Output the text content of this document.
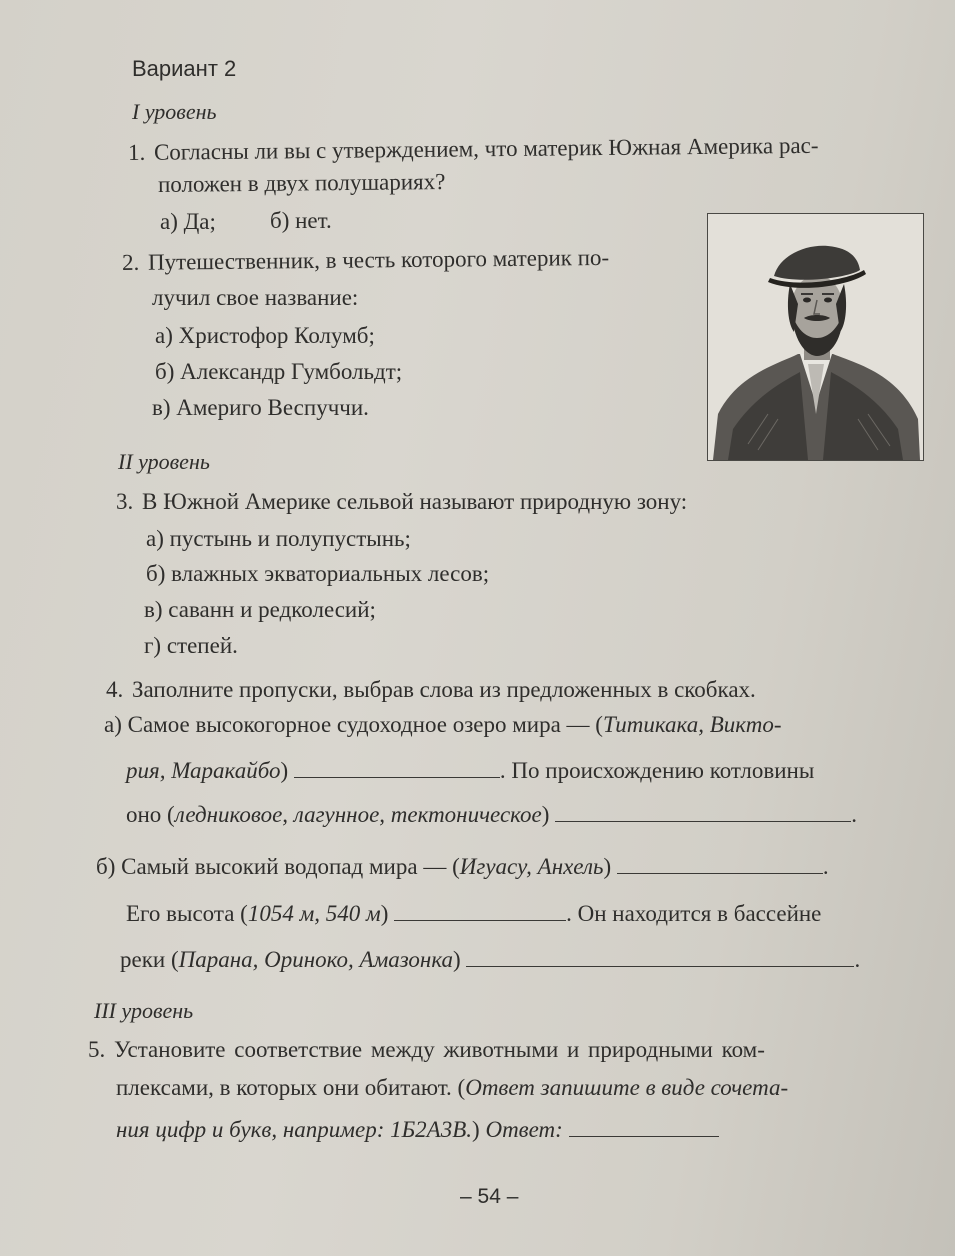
Вариант 2
I уровень
1. Согласны ли вы с утверждением, что материк Южная Америка рас-
положен в двух полушариях?
а) Да; б) нет.
2. Путешественник, в честь которого материк по-
лучил свое название:
а) Христофор Колумб;
б) Александр Гумбольдт;
в) Америго Веспуччи.
II уровень
3. В Южной Америке сельвой называют природную зону:
а) пустынь и полупустынь;
б) влажных экваториальных лесов;
в) саванн и редколесий;
г) степей.
4. Заполните пропуски, выбрав слова из предложенных в скобках.
а) Самое высокогорное судоходное озеро мира — (Титикака, Викто-
рия, Маракайбо)	. По происхождению котловины
оно (ледниковое, лагунное, тектоническое)	.
б) Самый высокий водопад мира — (Игуасу, Анхель)	.
Его высота (1054 м, 540 м)	. Он находится в бассейне
реки (Парана, Ориноко, Амазонка)	.
III уровень
5. Установите соответствие между животными и природными ком-
плексами, в которых они обитают. (Ответ запишите в виде сочета-
ния цифр и букв, например: 1Б2А3В.) Ответ:
– 54 –
